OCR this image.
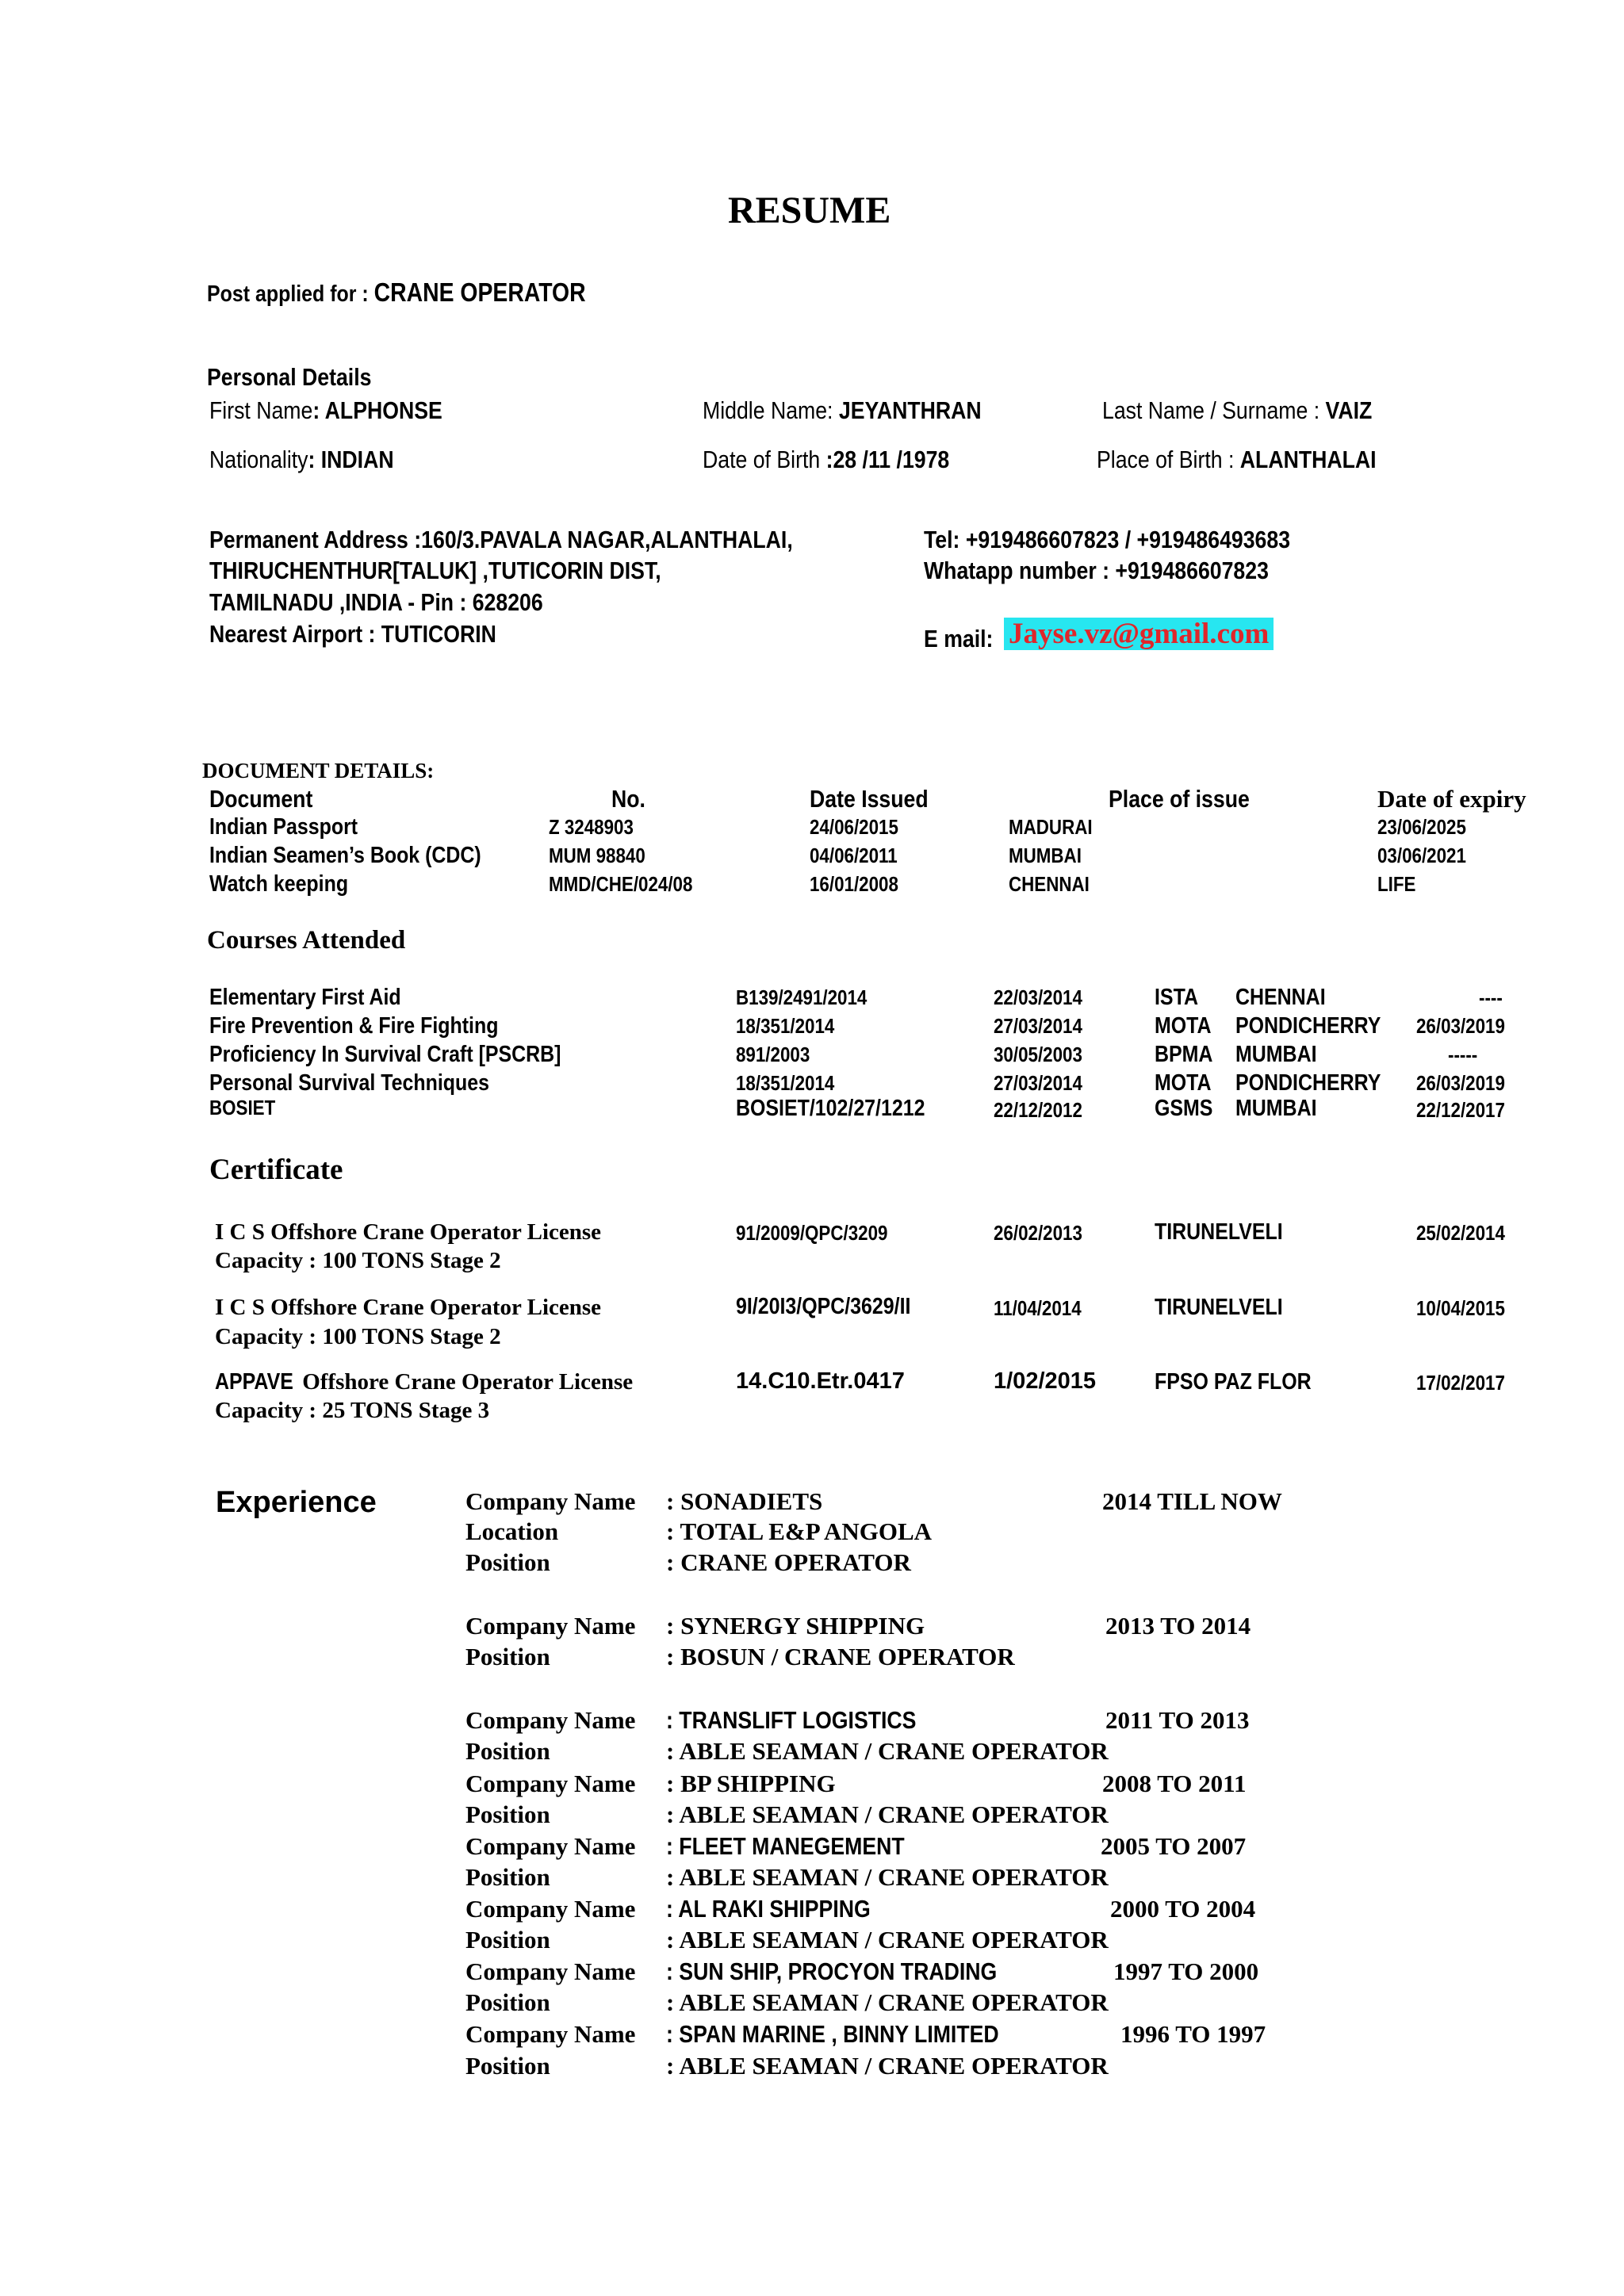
RESUME
Post applied for : CRANE OPERATOR
Personal Details
First Name: ALPHONSE	Middle Name: JEYANTHRAN	Last Name / Surname : VAIZ
Nationality: INDIAN	Date of Birth :28 /11 /1978	Place of Birth : ALANTHALAI
Permanent Address :160/3.PAVALA NAGAR,ALANTHALAI,
THIRUCHENTHUR[TALUK] ,TUTICORIN DIST,
TAMILNADU ,INDIA - Pin : 628206
Nearest Airport : TUTICORIN
Tel: +919486607823 / +919486493683
Whatapp number : +919486607823
E mail: Jayse.vz@gmail.com
DOCUMENT DETAILS:
Document	No.	Date Issued	Place of issue	Date of expiry
Indian Passport	Z 3248903	24/06/2015	MADURAI	23/06/2025
Indian Seamen’s Book (CDC)	MUM 98840	04/06/2011	MUMBAI	03/06/2021
Watch keeping	MMD/CHE/024/08	16/01/2008	CHENNAI	LIFE
Courses Attended
Elementary First Aid	B139/2491/2014	22/03/2014	ISTA	CHENNAI	----
Fire Prevention & Fire Fighting	18/351/2014	27/03/2014	MOTA	PONDICHERRY	26/03/2019
Proficiency In Survival Craft [PSCRB]	891/2003	30/05/2003	BPMA MUMBAI	-----
Personal Survival Techniques	18/351/2014	27/03/2014	MOTA	PONDICHERRY	26/03/2019
BOSIET	BOSIET/102/27/1212	22/12/2012	GSMS MUMBAI	22/12/2017
Certificate
I C S Offshore Crane Operator License
Capacity : 100 TONS Stage 2
91/2009/QPC/3209	26/02/2013	TIRUNELVELI	25/02/2014
I C S Offshore Crane Operator License
Capacity : 100 TONS Stage 2
9I/20I3/QPC/3629/II	11/04/2014	TIRUNELVELI	10/04/2015
APPAVE Offshore Crane Operator License
Capacity : 25 TONS Stage 3
14.C10.Etr.0417	1/02/2015	FPSO PAZ FLOR	17/02/2017
Experience	Company Name : SONADIETS	2014 TILL NOW
Location	: TOTAL E&P ANGOLA
Position	: CRANE OPERATOR
Company Name : SYNERGY SHIPPING	2013 TO 2014
Position	: BOSUN / CRANE OPERATOR
Company Name : TRANSLIFT LOGISTICS	2011 TO 2013
Position	: ABLE SEAMAN / CRANE OPERATOR
Company Name : BP SHIPPING	2008 TO 2011
Position	: ABLE SEAMAN / CRANE OPERATOR
Company Name : FLEET MANEGEMENT	2005 TO 2007
Position	: ABLE SEAMAN / CRANE OPERATOR
Company Name : AL RAKI SHIPPING	2000 TO 2004
Position	: ABLE SEAMAN / CRANE OPERATOR
Company Name : SUN SHIP, PROCYON TRADING	1997 TO 2000
Position	: ABLE SEAMAN / CRANE OPERATOR
Company Name : SPAN MARINE , BINNY LIMITED	1996 TO 1997
Position	: ABLE SEAMAN / CRANE OPERATOR
